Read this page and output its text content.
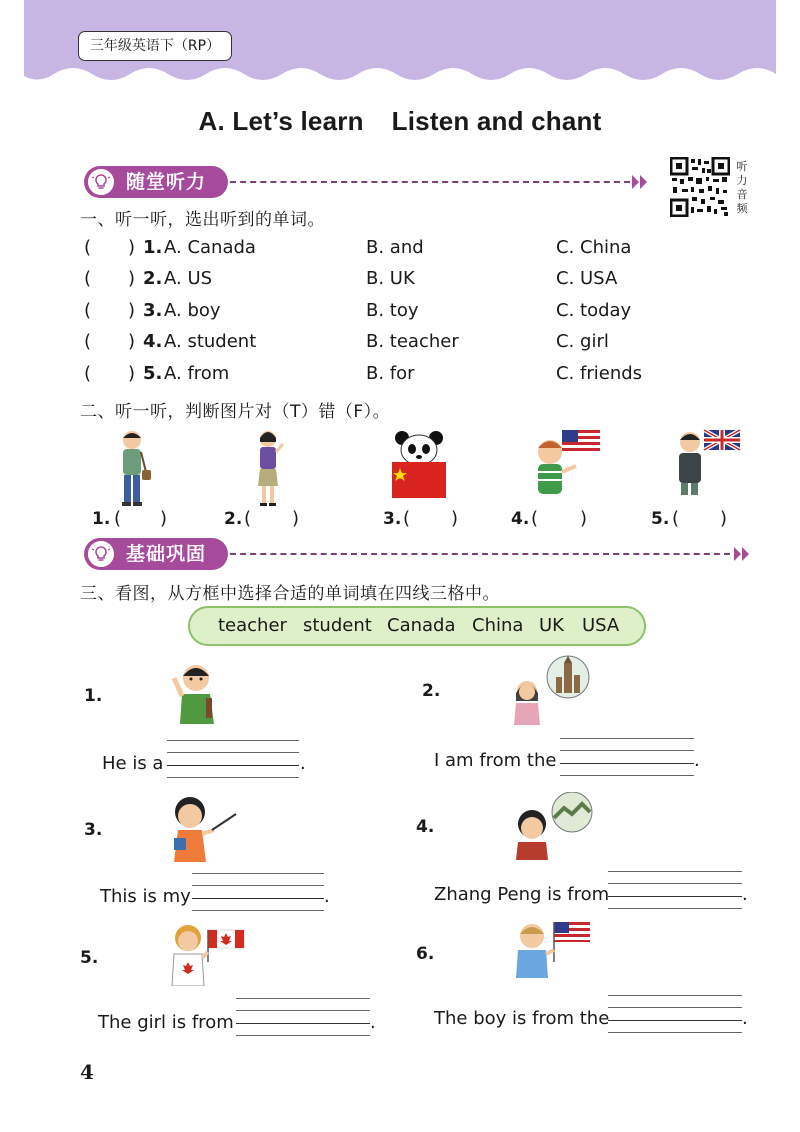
三年级英语下（RP）
A. Let’s learn Listen and chant
听
力
音
频
随堂听力
一、听一听，选出听到的单词。
( ) 1. A. Canada	B. and	C. China
( ) 2. A. US	B. UK	C. USA
( ) 3. A. boy	B. toy	C. today
( ) 4. A. student	B. teacher	C. girl
( ) 5. A. from	B. for	C. friends
二、听一听，判断图片对（T）错（F）。
1. ( )	2. ( )	3. ( )	4. ( )	5. ( )
基础巩固
三、看图，从方框中选择合适的单词填在四线三格中。
teacher student Canada China UK USA
1.
He is a	.
2.
I am from the	.
3.
This is my	.
4.
Zhang Peng is from	.
5.
The girl is from	.
6.
The boy is from the	.
4
